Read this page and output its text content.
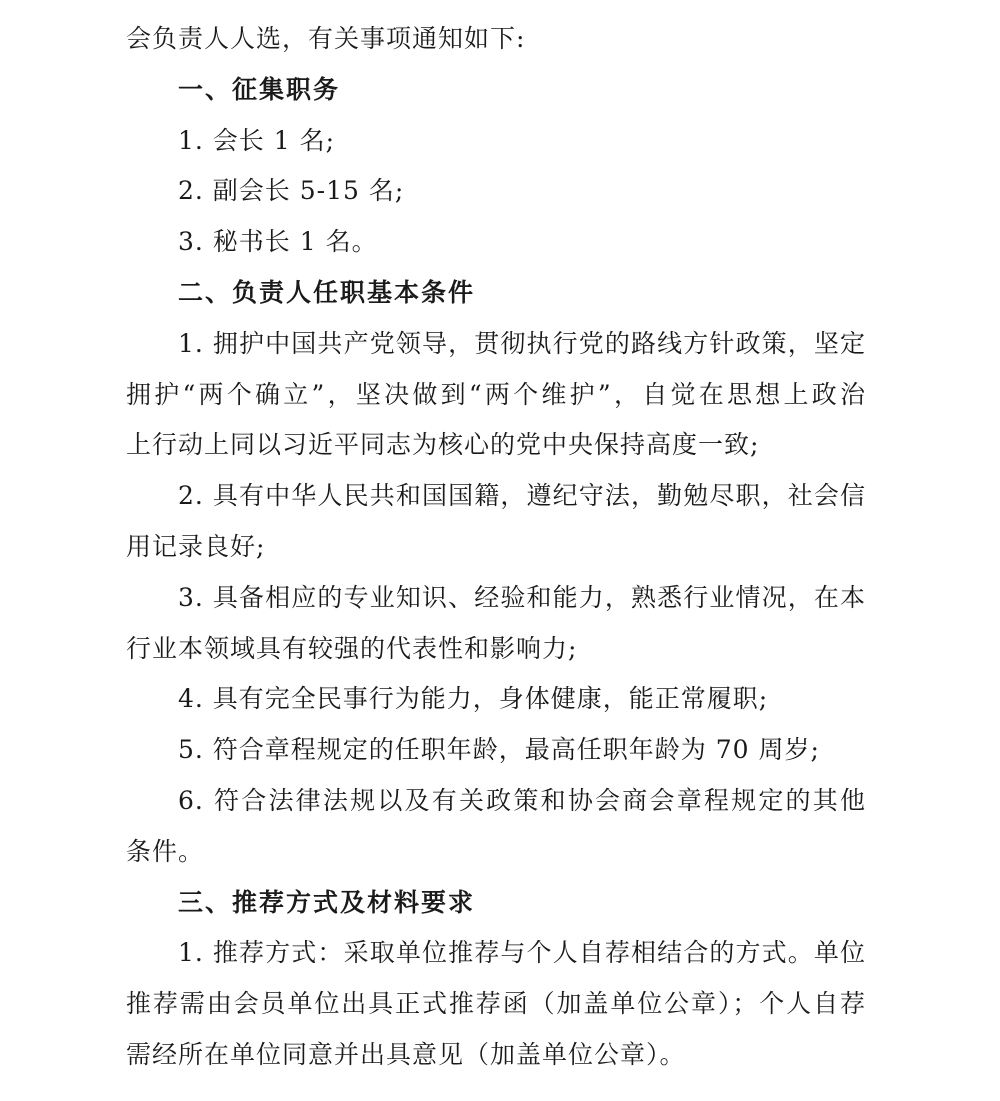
会负责人人选，有关事项通知如下:
一、征集职务
1. 会长 1 名;
2. 副会长 5-15 名;
3. 秘书长 1 名。
二、负责人任职基本条件
1. 拥护中国共产党领导，贯彻执行党的路线方针政策，坚定
拥护“两个确立”，坚决做到“两个维护”，自觉在思想上政治
上行动上同以习近平同志为核心的党中央保持高度一致;
2. 具有中华人民共和国国籍，遵纪守法，勤勉尽职，社会信
用记录良好;
3. 具备相应的专业知识、经验和能力，熟悉行业情况，在本
行业本领域具有较强的代表性和影响力;
4. 具有完全民事行为能力，身体健康，能正常履职;
5. 符合章程规定的任职年龄，最高任职年龄为 70 周岁;
6. 符合法律法规以及有关政策和协会商会章程规定的其他
条件。
三、推荐方式及材料要求
1. 推荐方式：采取单位推荐与个人自荐相结合的方式。单位
推荐需由会员单位出具正式推荐函（加盖单位公章）；个人自荐
需经所在单位同意并出具意见（加盖单位公章）。
